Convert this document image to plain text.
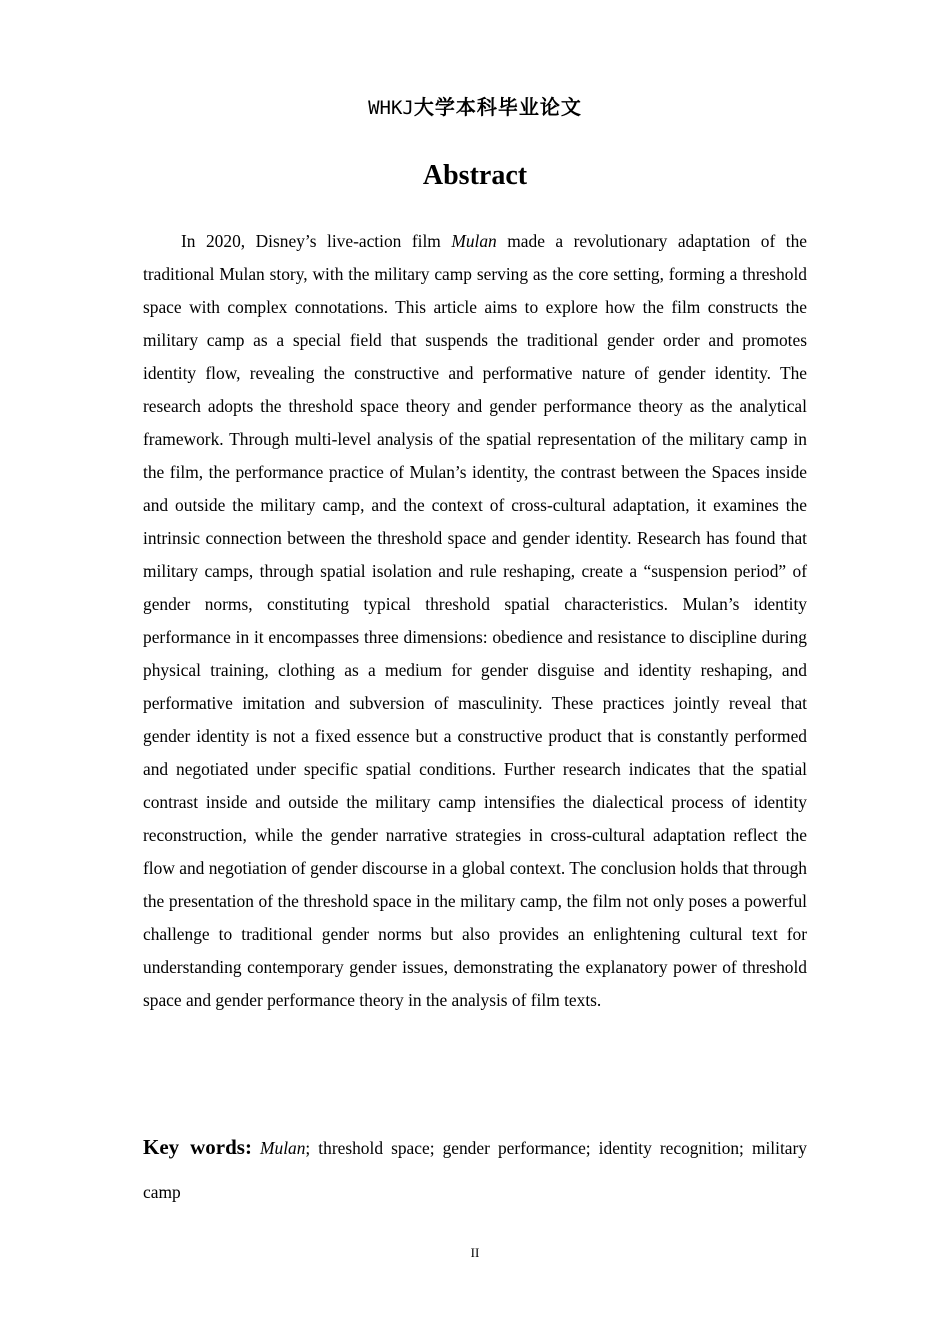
WHKJ大学本科毕业论文
Abstract

In 2020, Disney’s live-action film Mulan made a revolutionary adaptation of the traditional Mulan story, with the military camp serving as the core setting, forming a threshold space with complex connotations. This article aims to explore how the film constructs the military camp as a special field that suspends the traditional gender order and promotes identity flow, revealing the constructive and performative nature of gender identity. The research adopts the threshold space theory and gender performance theory as the analytical framework. Through multi-level analysis of the spatial representation of the military camp in the film, the performance practice of Mulan’s identity, the contrast between the Spaces inside and outside the military camp, and the context of cross-cultural adaptation, it examines the intrinsic connection between the threshold space and gender identity. Research has found that military camps, through spatial isolation and rule reshaping, create a “suspension period” of gender norms, constituting typical threshold spatial characteristics. Mulan’s identity performance in it encompasses three dimensions: obedience and resistance to discipline during physical training, clothing as a medium for gender disguise and identity reshaping, and performative imitation and subversion of masculinity. These practices jointly reveal that gender identity is not a fixed essence but a constructive product that is constantly performed and negotiated under specific spatial conditions. Further research indicates that the spatial contrast inside and outside the military camp intensifies the dialectical process of identity reconstruction, while the gender narrative strategies in cross-cultural adaptation reflect the flow and negotiation of gender discourse in a global context. The conclusion holds that through the presentation of the threshold space in the military camp, the film not only poses a powerful challenge to traditional gender norms but also provides an enlightening cultural text for understanding contemporary gender issues, demonstrating the explanatory power of threshold space and gender performance theory in the analysis of film texts.

Key words: Mulan; threshold space; gender performance; identity recognition; military camp

II
